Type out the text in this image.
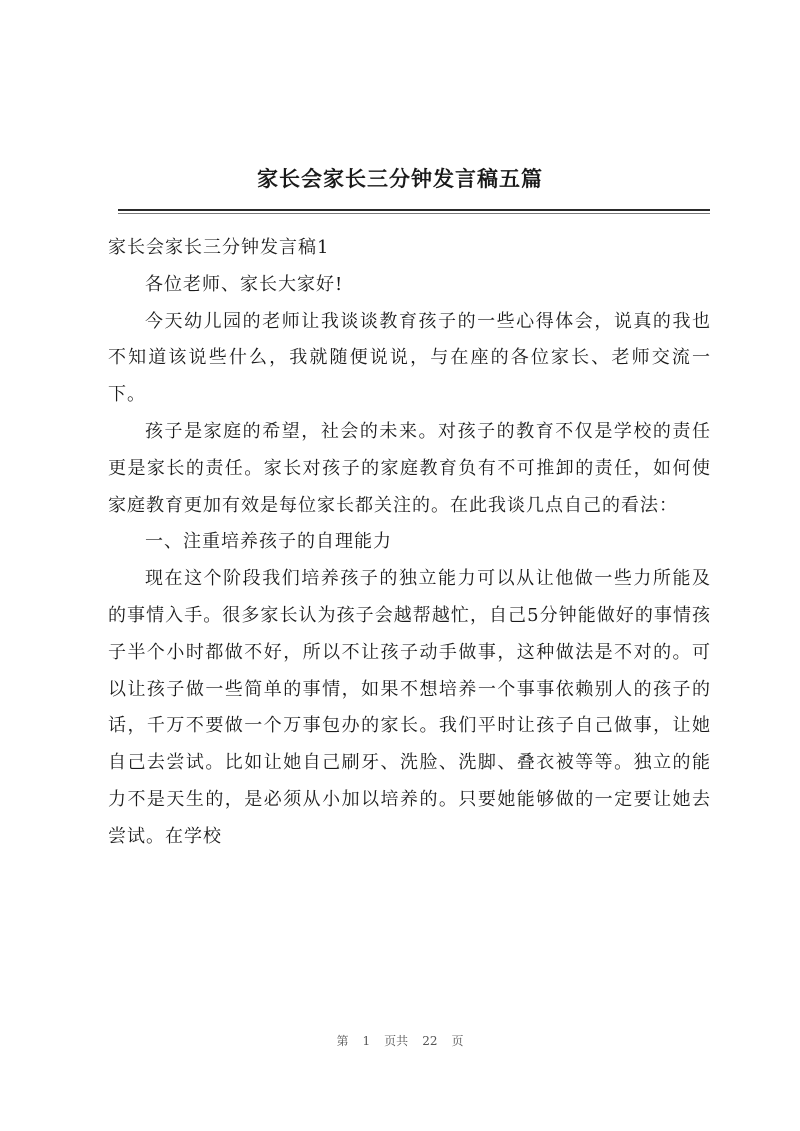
家长会家长三分钟发言稿五篇

家长会家长三分钟发言稿1

各位老师、家长大家好!

今天幼儿园的老师让我谈谈教育孩子的一些心得体会，说真的我也不知道该说些什么，我就随便说说，与在座的各位家长、老师交流一下。

孩子是家庭的希望，社会的未来。对孩子的教育不仅是学校的责任更是家长的责任。家长对孩子的家庭教育负有不可推卸的责任，如何使家庭教育更加有效是每位家长都关注的。在此我谈几点自己的看法：

一、注重培养孩子的自理能力

现在这个阶段我们培养孩子的独立能力可以从让他做一些力所能及的事情入手。很多家长认为孩子会越帮越忙，自己5分钟能做好的事情孩子半个小时都做不好，所以不让孩子动手做事，这种做法是不对的。可以让孩子做一些简单的事情，如果不想培养一个事事依赖别人的孩子的话，千万不要做一个万事包办的家长。我们平时让孩子自己做事，让她自己去尝试。比如让她自己刷牙、洗脸、洗脚、叠衣被等等。独立的能力不是天生的，是必须从小加以培养的。只要她能够做的一定要让她去尝试。在学校

第 1 页共 22 页
